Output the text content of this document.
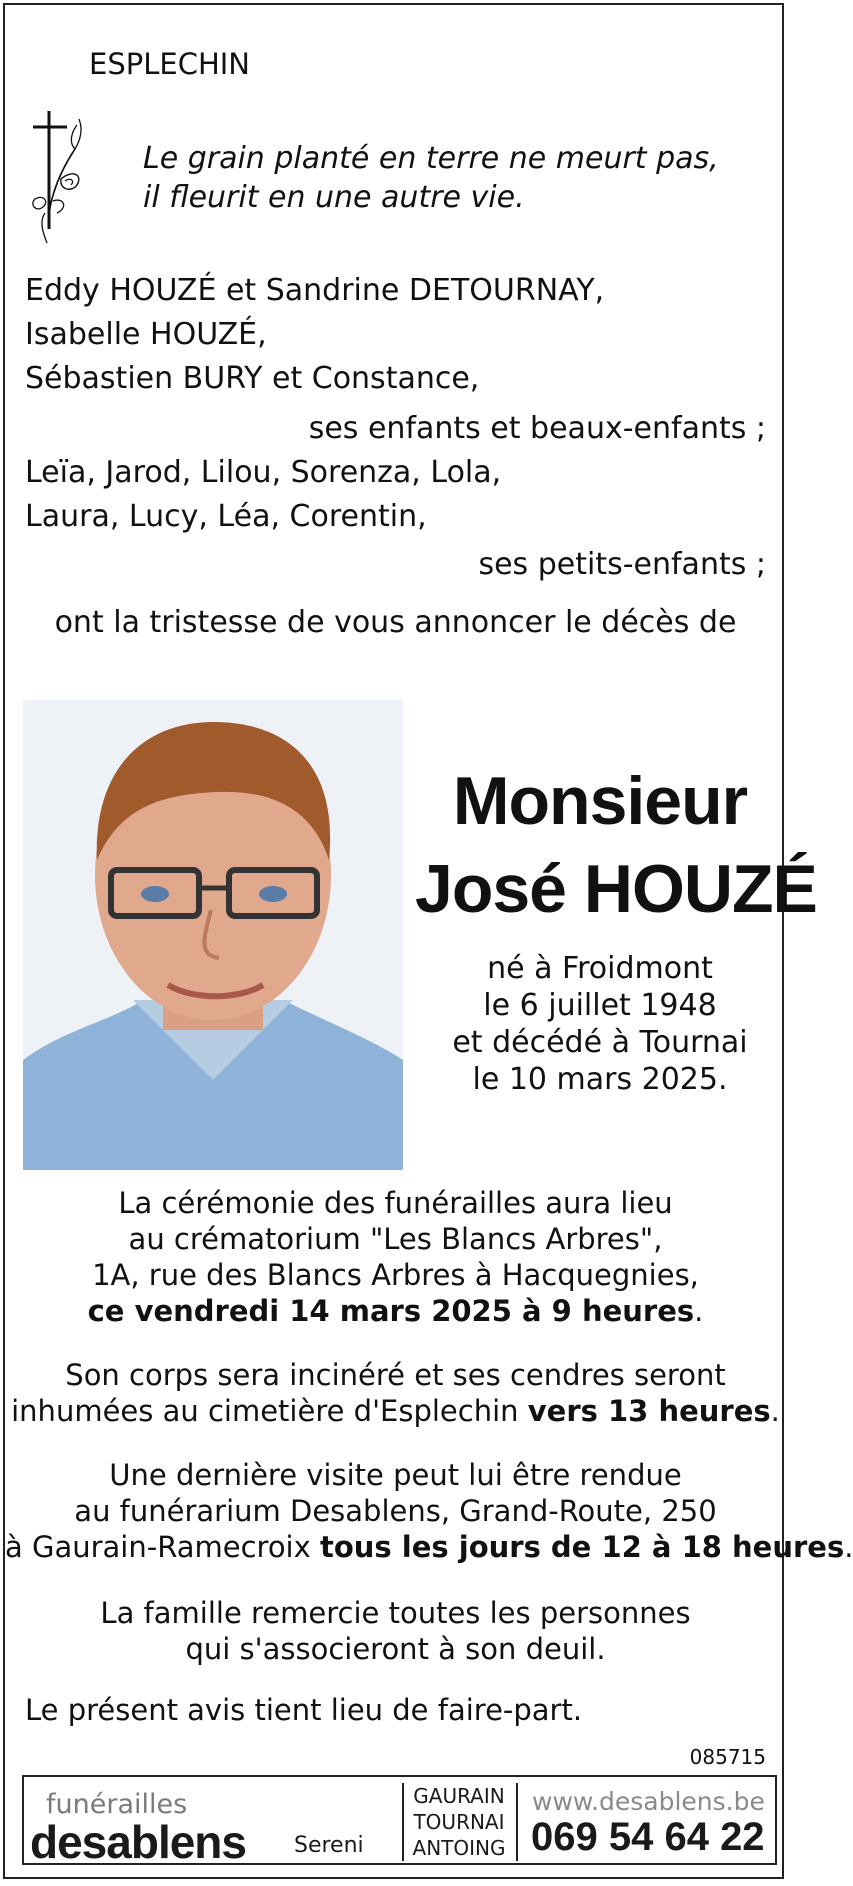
ESPLECHIN
Le grain planté en terre ne meurt pas,
il fleurit en une autre vie.
Eddy HOUZÉ et Sandrine DETOURNAY,
Isabelle HOUZÉ,
Sébastien BURY et Constance,
ses enfants et beaux-enfants ;
Leïa, Jarod, Lilou, Sorenza, Lola,
Laura, Lucy, Léa, Corentin,
ses petits-enfants ;
ont la tristesse de vous annoncer le décès de
Monsieur
José HOUZÉ
né à Froidmont
le 6 juillet 1948
et décédé à Tournai
le 10 mars 2025.
La cérémonie des funérailles aura lieu
au crématorium "Les Blancs Arbres",
1A, rue des Blancs Arbres à Hacquegnies,
ce vendredi 14 mars 2025 à 9 heures.
Son corps sera incinéré et ses cendres seront
inhumées au cimetière d'Esplechin vers 13 heures.
Une dernière visite peut lui être rendue
au funérarium Desablens, Grand-Route, 250
à Gaurain-Ramecroix tous les jours de 12 à 18 heures.
La famille remercie toutes les personnes
qui s'associeront à son deuil.
Le présent avis tient lieu de faire-part.
085715
funérailles
desablens Sereni
GAURAIN
TOURNAI
ANTOING
www.desablens.be
069 54 64 22
